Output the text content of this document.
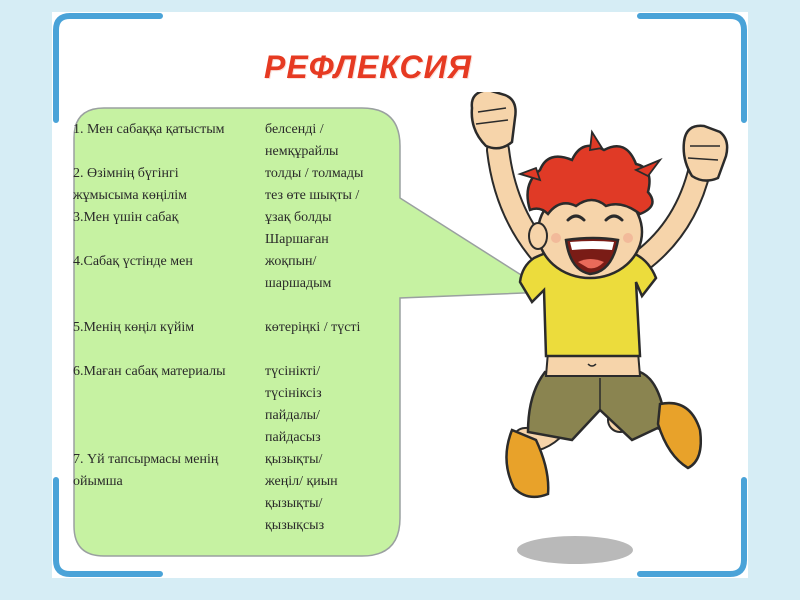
РЕФЛЕКСИЯ
1. Мен сабаққа қатыстым
2. Өзімнің бүгінгі
жұмысыма көңілім
3.Мен үшін сабақ
4.Сабақ үстінде мен
5.Менің көңіл күйім
6.Маған сабақ материалы
7. Үй тапсырмасы менің
ойымша
белсенді /
немқұрайлы
толды / толмады
тез өте шықты /
ұзақ болды
Шаршаған
жоқпын/
шаршадым
көтеріңкі / түсті
түсінікті/
түсініксіз
пайдалы/
пайдасыз
қызықты/
жеңіл/ қиын
қызықты/
қызықсыз
